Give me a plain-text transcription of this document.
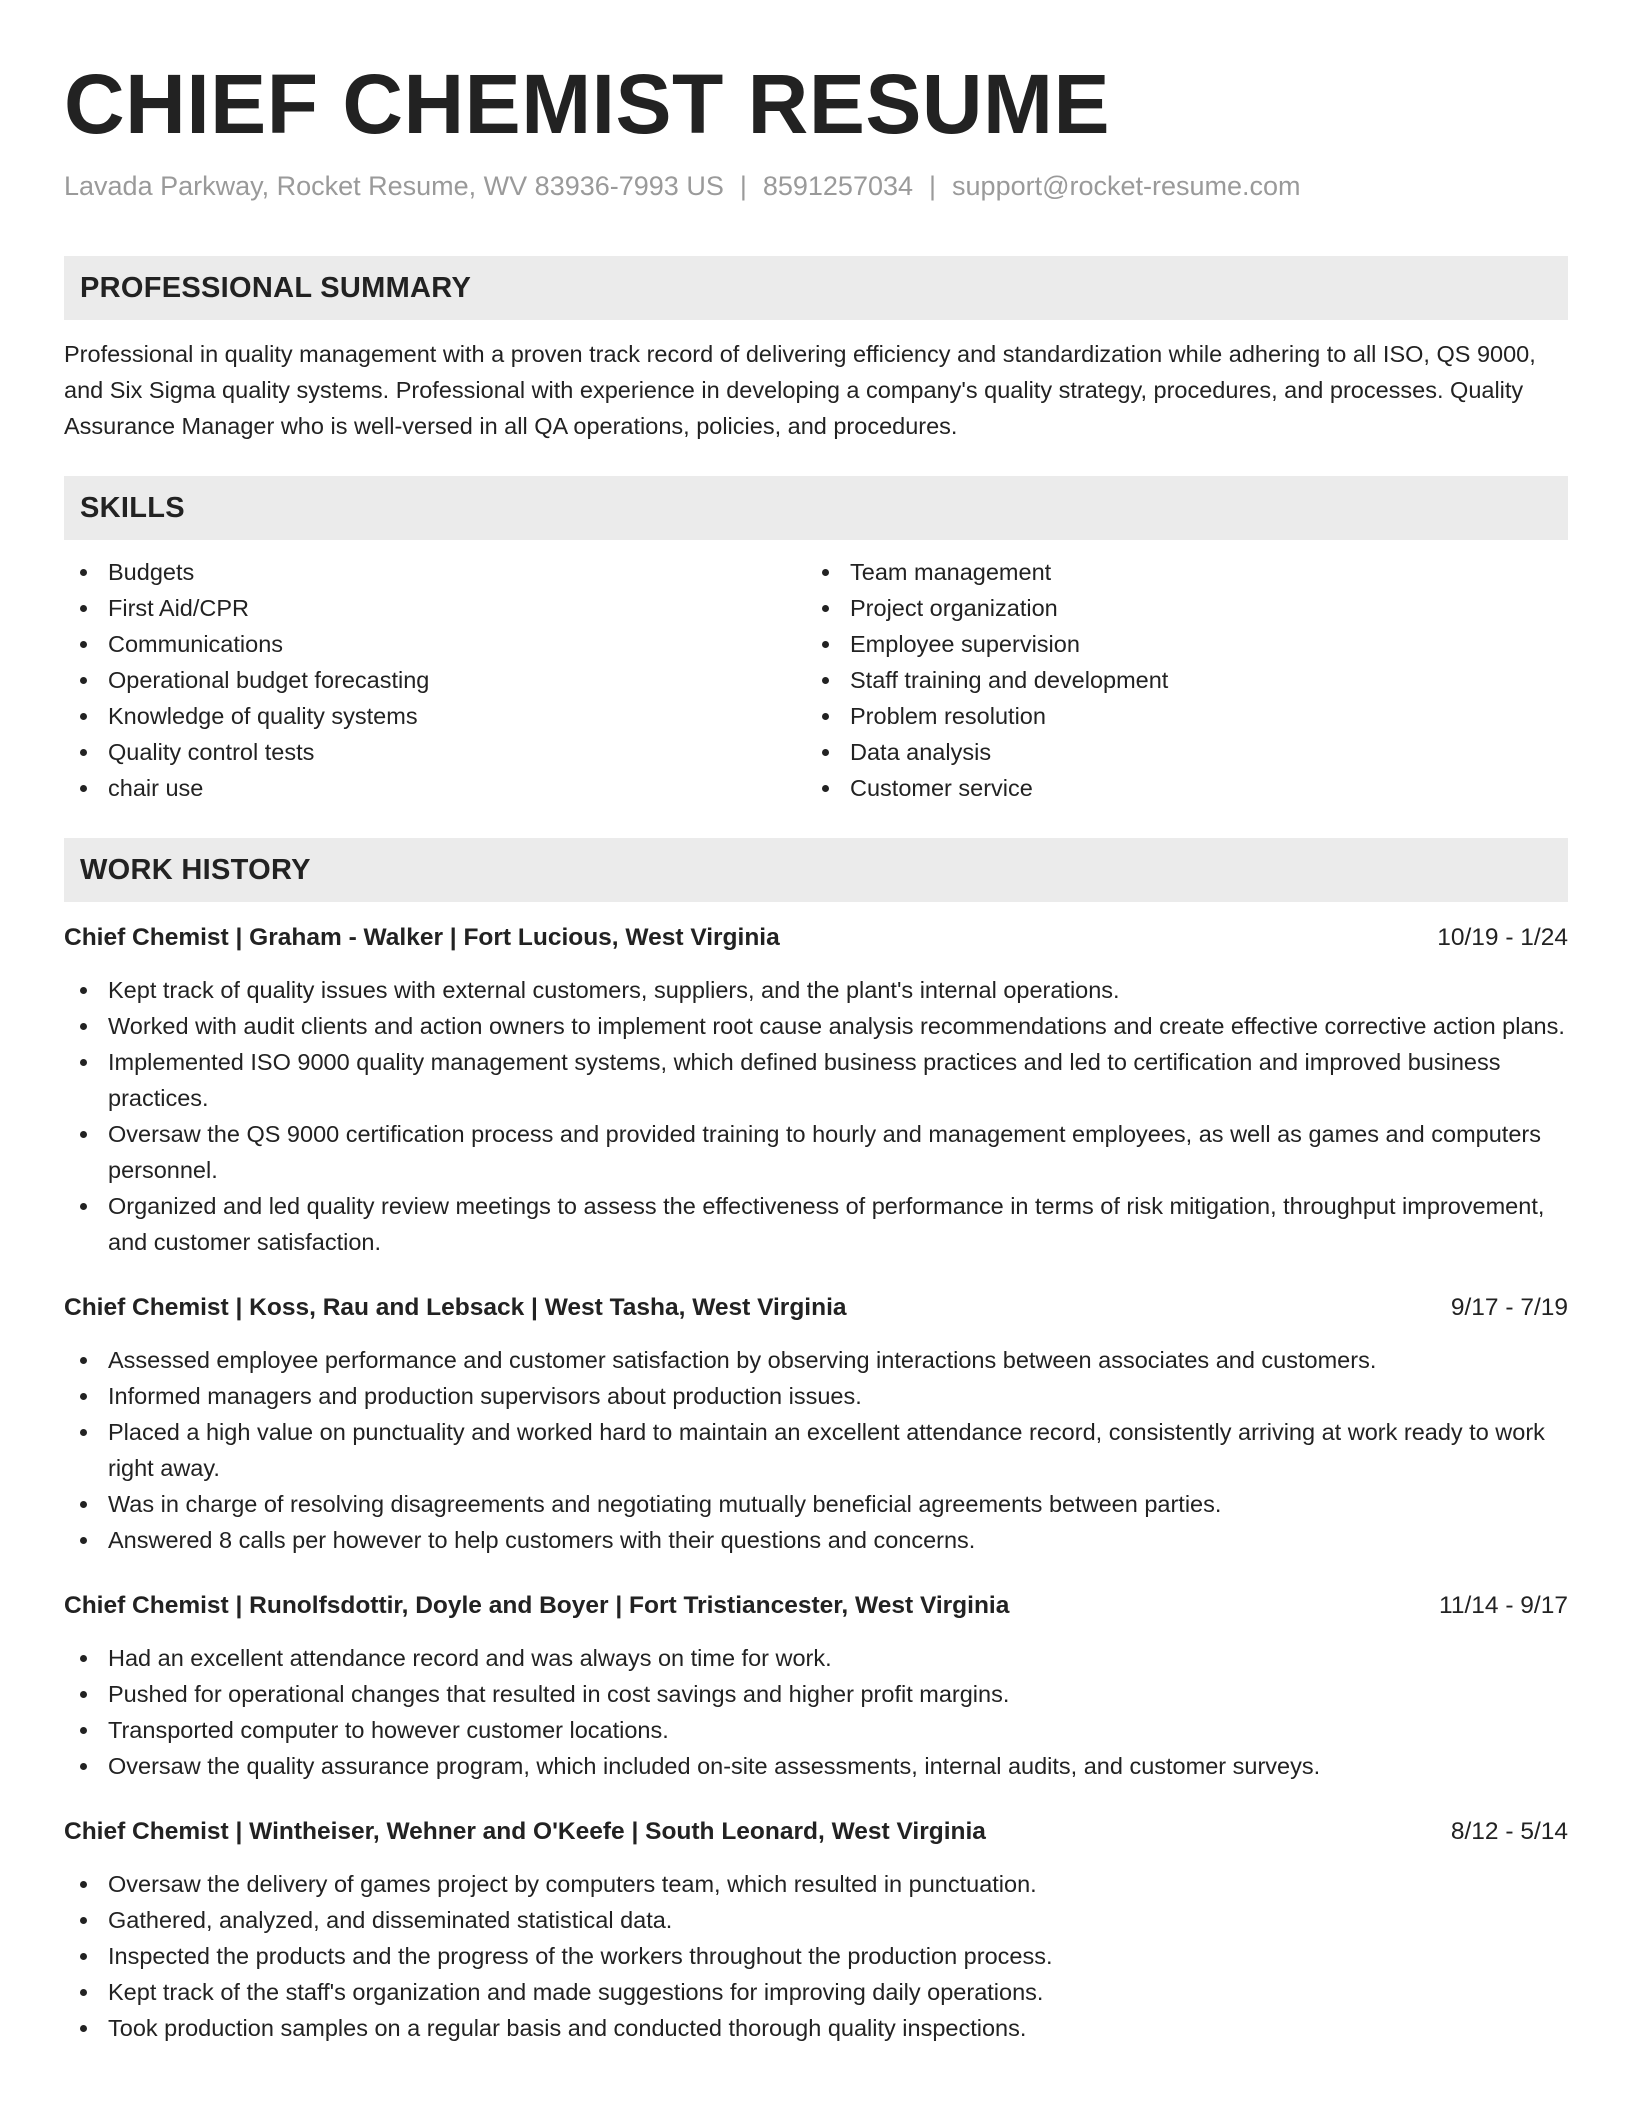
CHIEF CHEMIST RESUME
Lavada Parkway, Rocket Resume, WV 83936-7993 US | 8591257034 | support@rocket-resume.com
PROFESSIONAL SUMMARY

Professional in quality management with a proven track record of delivering efficiency and standardization while adhering to all ISO, QS 9000, and Six Sigma quality systems. Professional with experience in developing a company's quality strategy, procedures, and processes. Quality Assurance Manager who is well-versed in all QA operations, policies, and procedures.

SKILLS
Budgets
First Aid/CPR
Communications
Operational budget forecasting
Knowledge of quality systems
Quality control tests
chair use
Team management
Project organization
Employee supervision
Staff training and development
Problem resolution
Data analysis
Customer service
WORK HISTORY
Chief Chemist | Graham - Walker | Fort Lucious, West Virginia	10/19 - 1/24
Kept track of quality issues with external customers, suppliers, and the plant's internal operations.
Worked with audit clients and action owners to implement root cause analysis recommendations and create effective corrective action plans.
Implemented ISO 9000 quality management systems, which defined business practices and led to certification and improved business practices.
Oversaw the QS 9000 certification process and provided training to hourly and management employees, as well as games and computers personnel.
Organized and led quality review meetings to assess the effectiveness of performance in terms of risk mitigation, throughput improvement, and customer satisfaction.
Chief Chemist | Koss, Rau and Lebsack | West Tasha, West Virginia	9/17 - 7/19
Assessed employee performance and customer satisfaction by observing interactions between associates and customers.
Informed managers and production supervisors about production issues.
Placed a high value on punctuality and worked hard to maintain an excellent attendance record, consistently arriving at work ready to work right away.
Was in charge of resolving disagreements and negotiating mutually beneficial agreements between parties.
Answered 8 calls per however to help customers with their questions and concerns.
Chief Chemist | Runolfsdottir, Doyle and Boyer | Fort Tristiancester, West Virginia	11/14 - 9/17
Had an excellent attendance record and was always on time for work.
Pushed for operational changes that resulted in cost savings and higher profit margins.
Transported computer to however customer locations.
Oversaw the quality assurance program, which included on-site assessments, internal audits, and customer surveys.
Chief Chemist | Wintheiser, Wehner and O'Keefe | South Leonard, West Virginia	8/12 - 5/14
Oversaw the delivery of games project by computers team, which resulted in punctuation.
Gathered, analyzed, and disseminated statistical data.
Inspected the products and the progress of the workers throughout the production process.
Kept track of the staff's organization and made suggestions for improving daily operations.
Took production samples on a regular basis and conducted thorough quality inspections.
